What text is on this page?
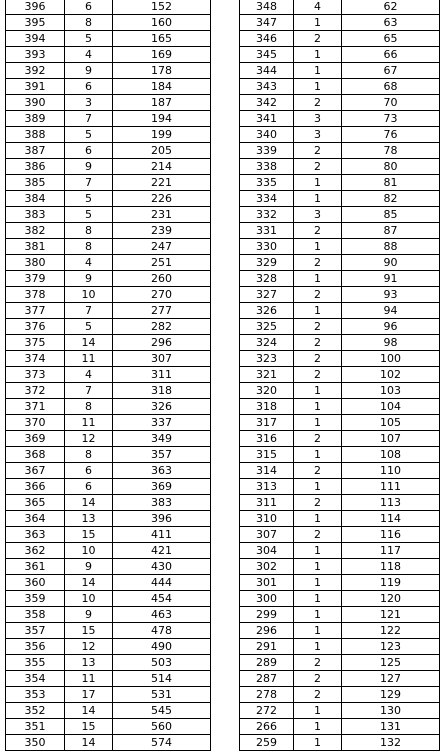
396	6	152
395	8	160
394	5	165
393	4	169
392	9	178
391	6	184
390	3	187
389	7	194
388	5	199
387	6	205
386	9	214
385	7	221
384	5	226
383	5	231
382	8	239
381	8	247
380	4	251
379	9	260
378	10	270
377	7	277
376	5	282
375	14	296
374	11	307
373	4	311
372	7	318
371	8	326
370	11	337
369	12	349
368	8	357
367	6	363
366	6	369
365	14	383
364	13	396
363	15	411
362	10	421
361	9	430
360	14	444
359	10	454
358	9	463
357	15	478
356	12	490
355	13	503
354	11	514
353	17	531
352	14	545
351	15	560
350	14	574
348	4	62
347	1	63
346	2	65
345	1	66
344	1	67
343	1	68
342	2	70
341	3	73
340	3	76
339	2	78
338	2	80
335	1	81
334	1	82
332	3	85
331	2	87
330	1	88
329	2	90
328	1	91
327	2	93
326	1	94
325	2	96
324	2	98
323	2	100
321	2	102
320	1	103
318	1	104
317	1	105
316	2	107
315	1	108
314	2	110
313	1	111
311	2	113
310	1	114
307	2	116
304	1	117
302	1	118
301	1	119
300	1	120
299	1	121
296	1	122
291	1	123
289	2	125
287	2	127
278	2	129
272	1	130
266	1	131
259	1	132
